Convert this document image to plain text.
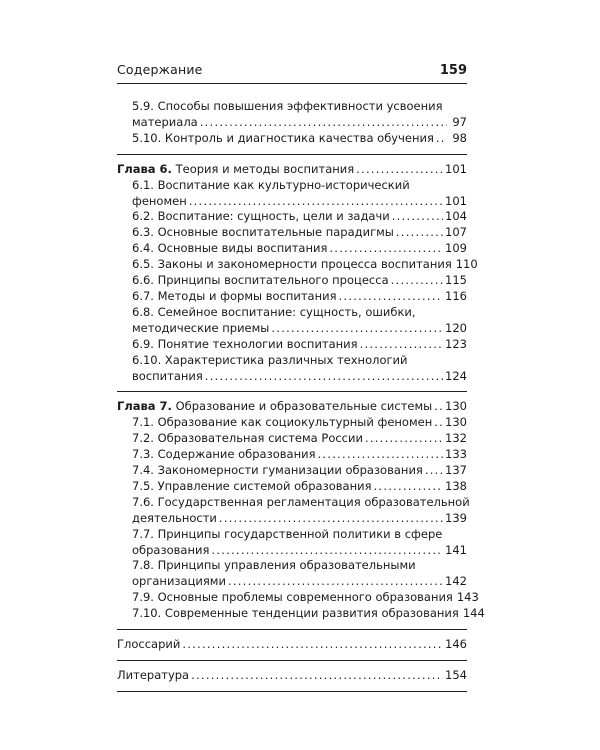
Содержание	159
5.9. Способы повышения эффективности усвоения
материала . . .	97
5.10. Контроль и диагностика качества обучения . . . 98
Глава 6. Теория и методы воспитания . . .	101
6.1. Воспитание как культурно-исторический
феномен . . .	101
6.2. Воспитание: сущность, цели и задачи . . .	104
6.3. Основные воспитательные парадигмы . . .	107
6.4. Основные виды воспитания . . .	109
6.5. Законы и закономерности процесса воспитания 110
6.6. Принципы воспитательного процесса . . .	115
6.7. Методы и формы воспитания . . .	116
6.8. Семейное воспитание: сущность, ошибки,
методические приемы . . .	120
6.9. Понятие технологии воспитания . . .	123
6.10. Характеристика различных технологий
воспитания . . .	124
Глава 7. Образование и образовательные системы . . . 130
7.1. Образование как социокультурный феномен . . . 130
7.2. Образовательная система России . . .	132
7.3. Содержание образования . . .	133
7.4. Закономерности гуманизации образования . . . 137
7.5. Управление системой образования . . .	138
7.6. Государственная регламентация образовательной
деятельности . . .	139
7.7. Принципы государственной политики в сфере
образования . . .	141
7.8. Принципы управления образовательными
организациями . . .	142
7.9. Основные проблемы современного образования 143
7.10. Современные тенденции развития образования 144
Глоссарий . . .	146
Литература . . .	154
